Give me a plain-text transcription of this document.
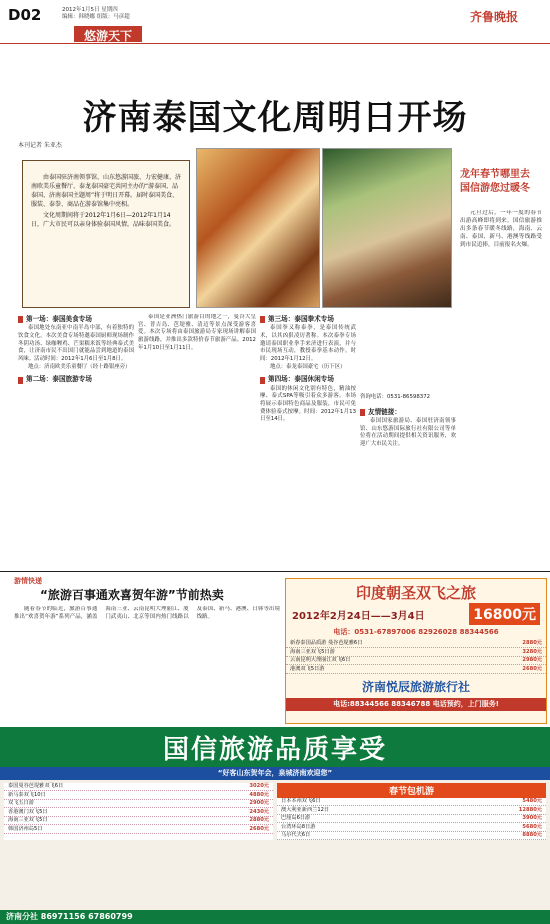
D02	2012年1月5日 星期四
编辑：韩晓娜 组版：马彦超
悠游天下
齐鲁晚报
济南泰国文化周明日开场
本刊记者 朱亚杰

由泰国驻济南领事馆、山东悠游国旅、力宏健康、济南欧美乐童餐厅、泰龙泰国豪宅共同主办的“游泰国、品泰国、济南泰国主题周”将于明日开幕。届时泰国美食、服装、泰拳、商品在游泰馆集中亮相。

文化周期间将于2012年1月6日—2012年1月14日，广大市民可以亲身体验泰国风情，品味泰国美食。

第一场：泰国美食专场

泰国地处东南亚中南半岛中部，有着独特的饮食文化。本次美食专场特邀泰国厨师现场制作冬阴功汤、绿咖喱鸡、芒果糯米饭等经典泰式美食，让济南市民不出国门就能品尝到地道的泰国风味。活动时间：2012年1月6日至1月8日。

地点：济南欧美乐童餐厅（经十路银座旁）

第二场：泰国旅游专场

泰国是亚洲热门旅游目的地之一，曼谷大皇宫、普吉岛、芭堤雅、清迈等景点深受游客喜爱。本次专场将由泰国旅游局专家现场讲解泰国旅游线路，并推出多款特价春节旅游产品。2012年1月10日至1月11日。

第三场：泰国拳术专场

泰国拳又称泰拳，是泰国传统武术，以其凶狠凌厉著称。本次泰拳专场邀请泰国职业拳手来济进行表演，并与市民现场互动，教授泰拳基本动作。时间：2012年1月12日。

地点：泰龙泰国豪宅（历下区）

第四场：泰国休闲专场

泰国的休闲文化别有特色，精油按摩、泰式SPA等吸引着众多游客。本场将展示泰国特色商品及服装，市民可免费体验泰式按摩。时间：2012年1月13日至14日。

咨询电话：0531-86598372

友情链接：

泰国国家旅游局、泰国驻济南领事馆、山东悠游国际旅行社有限公司等单位将在活动期间提供相关资讯服务，欢迎广大市民关注。

龙年春节哪里去 国信游您过暖冬

元旦过后，一年一度的春节出游高峰即将到来。国信旅游推出多条春节暖冬线路，海南、云南、泰国、新马、港澳等线路受到市民追捧，目前报名火爆。

游情快递
“旅游百事通欢喜贺年游”节前热卖

随着春节的临近，旅游百事通推出“欢喜贺年游”系列产品，涵盖海南三亚、云南昆明大理丽江、厦门武夷山、北京等国内热门线路以及泰国、新马、港澳、日韩等出境线路。

印度朝圣双飞之旅
2012年2月24日——3月4日	16800元
电话：0531-67897006 82926028 88344566
新春泰国品质游 曼谷芭堤雅6日	2880元
海南三亚双飞5日游	3280元
云南昆明大理丽江双飞6日	2980元
港澳双飞5日游	2680元
济南悦辰旅游旅行社
电话:88344566 88346788 电话预约，上门服务!
国信旅游品质享受
“好客山东贺年会，泉城济南欢迎您”
泰国曼谷芭堤雅双飞6日	3020元
新马泰双飞10日	4880元
双飞五日游	2900元
香港澳门双飞5日	2430元
海南三亚双飞5日	2880元
韩国济州岛5日	2680元
春节包机游
日本本州双飞6日	5480元
澳大利亚新西兰12日	12880元
巴厘岛6日游	3900元
台湾环岛8日游	5680元
马尔代夫6日	8880元
济南分社 86971156 67860799
